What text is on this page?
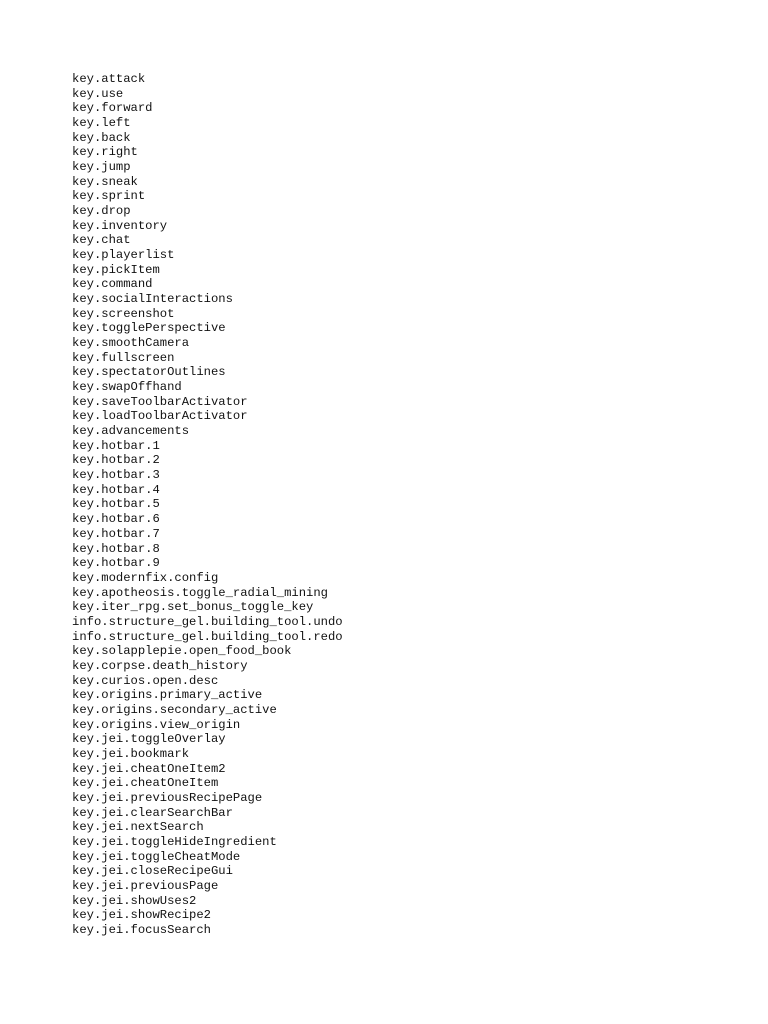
key.attack
key.use
key.forward
key.left
key.back
key.right
key.jump
key.sneak
key.sprint
key.drop
key.inventory
key.chat
key.playerlist
key.pickItem
key.command
key.socialInteractions
key.screenshot
key.togglePerspective
key.smoothCamera
key.fullscreen
key.spectatorOutlines
key.swapOffhand
key.saveToolbarActivator
key.loadToolbarActivator
key.advancements
key.hotbar.1
key.hotbar.2
key.hotbar.3
key.hotbar.4
key.hotbar.5
key.hotbar.6
key.hotbar.7
key.hotbar.8
key.hotbar.9
key.modernfix.config
key.apotheosis.toggle_radial_mining
key.iter_rpg.set_bonus_toggle_key
info.structure_gel.building_tool.undo
info.structure_gel.building_tool.redo
key.solapplepie.open_food_book
key.corpse.death_history
key.curios.open.desc
key.origins.primary_active
key.origins.secondary_active
key.origins.view_origin
key.jei.toggleOverlay
key.jei.bookmark
key.jei.cheatOneItem2
key.jei.cheatOneItem
key.jei.previousRecipePage
key.jei.clearSearchBar
key.jei.nextSearch
key.jei.toggleHideIngredient
key.jei.toggleCheatMode
key.jei.closeRecipeGui
key.jei.previousPage
key.jei.showUses2
key.jei.showRecipe2
key.jei.focusSearch
